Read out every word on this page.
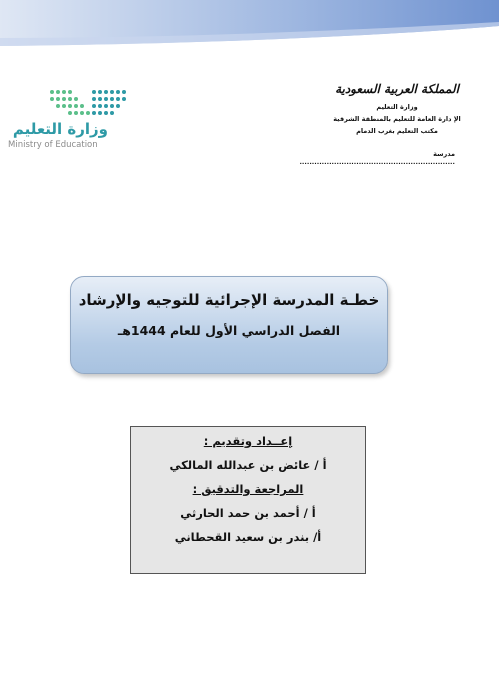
المملكة العربية السعودية
وزارة التعليم
الإ دارة العامة للتعليم بالمنطقة الشرقية
مكتب التعليم بغرب الدمام
مدرسة ...............................................................
وزارة التعليم
Ministry of Education
خطـة المدرسة الإجرائية للتوجيه والإرشاد
الفصل الدراسي الأول للعام 1444هـ
إعــداد وتقديم :
أ / عائض بن عبدالله المالكي
المراجعة والتدقيق :
أ / أحمد بن حمد الحارثي
أ/ بندر بن سعيد القحطاني
